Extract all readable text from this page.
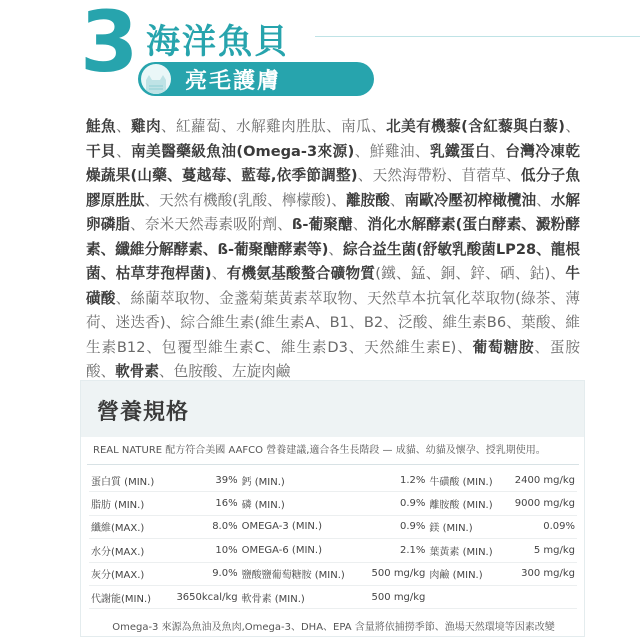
3 海洋魚貝
亮毛護膚
鮭魚、雞肉、紅蘿蔔、水解雞肉胜肽、南瓜、北美有機藜(含紅藜與白藜)、干貝、南美醫藥級魚油(Omega-3來源)、鮮雞油、乳鐵蛋白、台灣冷凍乾燥蔬果(山藥、蔓越莓、藍莓,依季節調整)、天然海帶粉、苜蓿草、低分子魚膠原胜肽、天然有機酸(乳酸、檸檬酸)、離胺酸、南歐冷壓初榨橄欖油、水解卵磷脂、奈米天然毒素吸附劑、ß-葡聚醣、消化水解酵素(蛋白酵素、澱粉酵素、纖維分解酵素、ß-葡聚醣酵素等)、綜合益生菌(舒敏乳酸菌LP28、龍根菌、枯草芽孢桿菌)、有機氨基酸螯合礦物質(鐵、錳、銅、鋅、硒、鈷)、牛磺酸、絲蘭萃取物、金盞菊葉黃素萃取物、天然草本抗氧化萃取物(綠茶、薄荷、迷迭香)、綜合維生素(維生素A、B1、B2、泛酸、維生素B6、葉酸、維生素B12、包覆型維生素C、維生素D3、天然維生素E)、葡萄糖胺、蛋胺酸、軟骨素、色胺酸、左旋肉鹼
營養規格
REAL NATURE 配方符合美國 AAFCO 營養建議,適合各生長階段 — 成貓、幼貓及懷孕、授乳期使用。
蛋白質 (MIN.)	39%	鈣 (MIN.)	1.2%	牛磺酸 (MIN.)	2400 mg/kg
脂肪 (MIN.)	16%	磷 (MIN.)	0.9%	離胺酸 (MIN.)	9000 mg/kg
纖維(MAX.)	8.0%	OMEGA-3 (MIN.)	0.9%	鎂 (MIN.)	0.09%
水分(MAX.)	10%	OMEGA-6 (MIN.)	2.1%	葉黃素 (MIN.)	5 mg/kg
灰分(MAX.)	9.0%	鹽酸鹽葡萄糖胺 (MIN.)	500 mg/kg	肉鹼 (MIN.)	300 mg/kg
代謝能(MIN.)	3650kcal/kg	軟骨素 (MIN.)	500 mg/kg		
Omega-3 來源為魚油及魚肉,Omega-3、DHA、EPA 含量將依捕撈季節、漁場天然環境等因素改變
